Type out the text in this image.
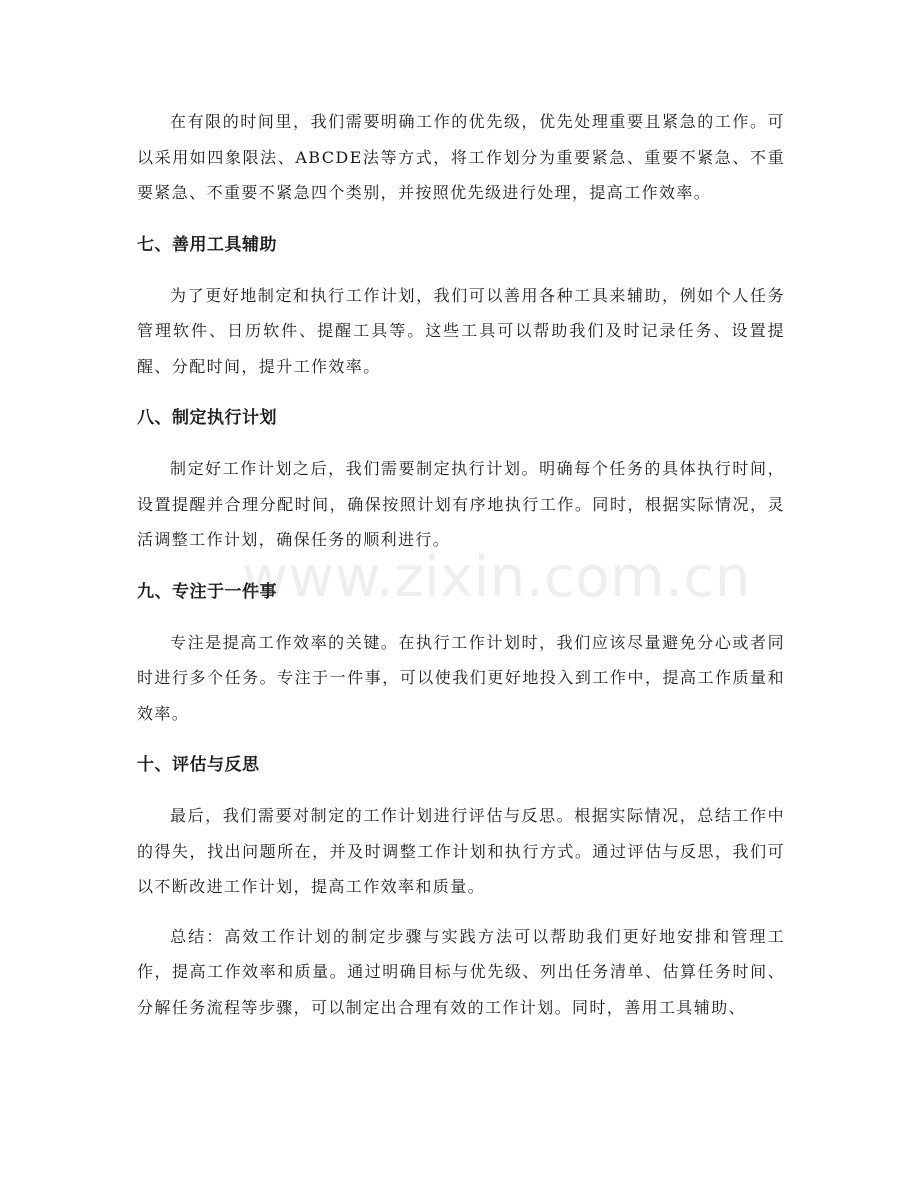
在有限的时间里，我们需要明确工作的优先级，优先处理重要且紧急的工作。可以采用如四象限法、ABCDE法等方式，将工作划分为重要紧急、重要不紧急、不重要紧急、不重要不紧急四个类别，并按照优先级进行处理，提高工作效率。

七、善用工具辅助

为了更好地制定和执行工作计划，我们可以善用各种工具来辅助，例如个人任务管理软件、日历软件、提醒工具等。这些工具可以帮助我们及时记录任务、设置提醒、分配时间，提升工作效率。

八、制定执行计划

制定好工作计划之后，我们需要制定执行计划。明确每个任务的具体执行时间，设置提醒并合理分配时间，确保按照计划有序地执行工作。同时，根据实际情况，灵活调整工作计划，确保任务的顺利进行。

九、专注于一件事

专注是提高工作效率的关键。在执行工作计划时，我们应该尽量避免分心或者同时进行多个任务。专注于一件事，可以使我们更好地投入到工作中，提高工作质量和效率。

十、评估与反思

最后，我们需要对制定的工作计划进行评估与反思。根据实际情况，总结工作中的得失，找出问题所在，并及时调整工作计划和执行方式。通过评估与反思，我们可以不断改进工作计划，提高工作效率和质量。

总结：高效工作计划的制定步骤与实践方法可以帮助我们更好地安排和管理工作，提高工作效率和质量。通过明确目标与优先级、列出任务清单、估算任务时间、分解任务流程等步骤，可以制定出合理有效的工作计划。同时，善用工具辅助、

www.zixin.com.cn
